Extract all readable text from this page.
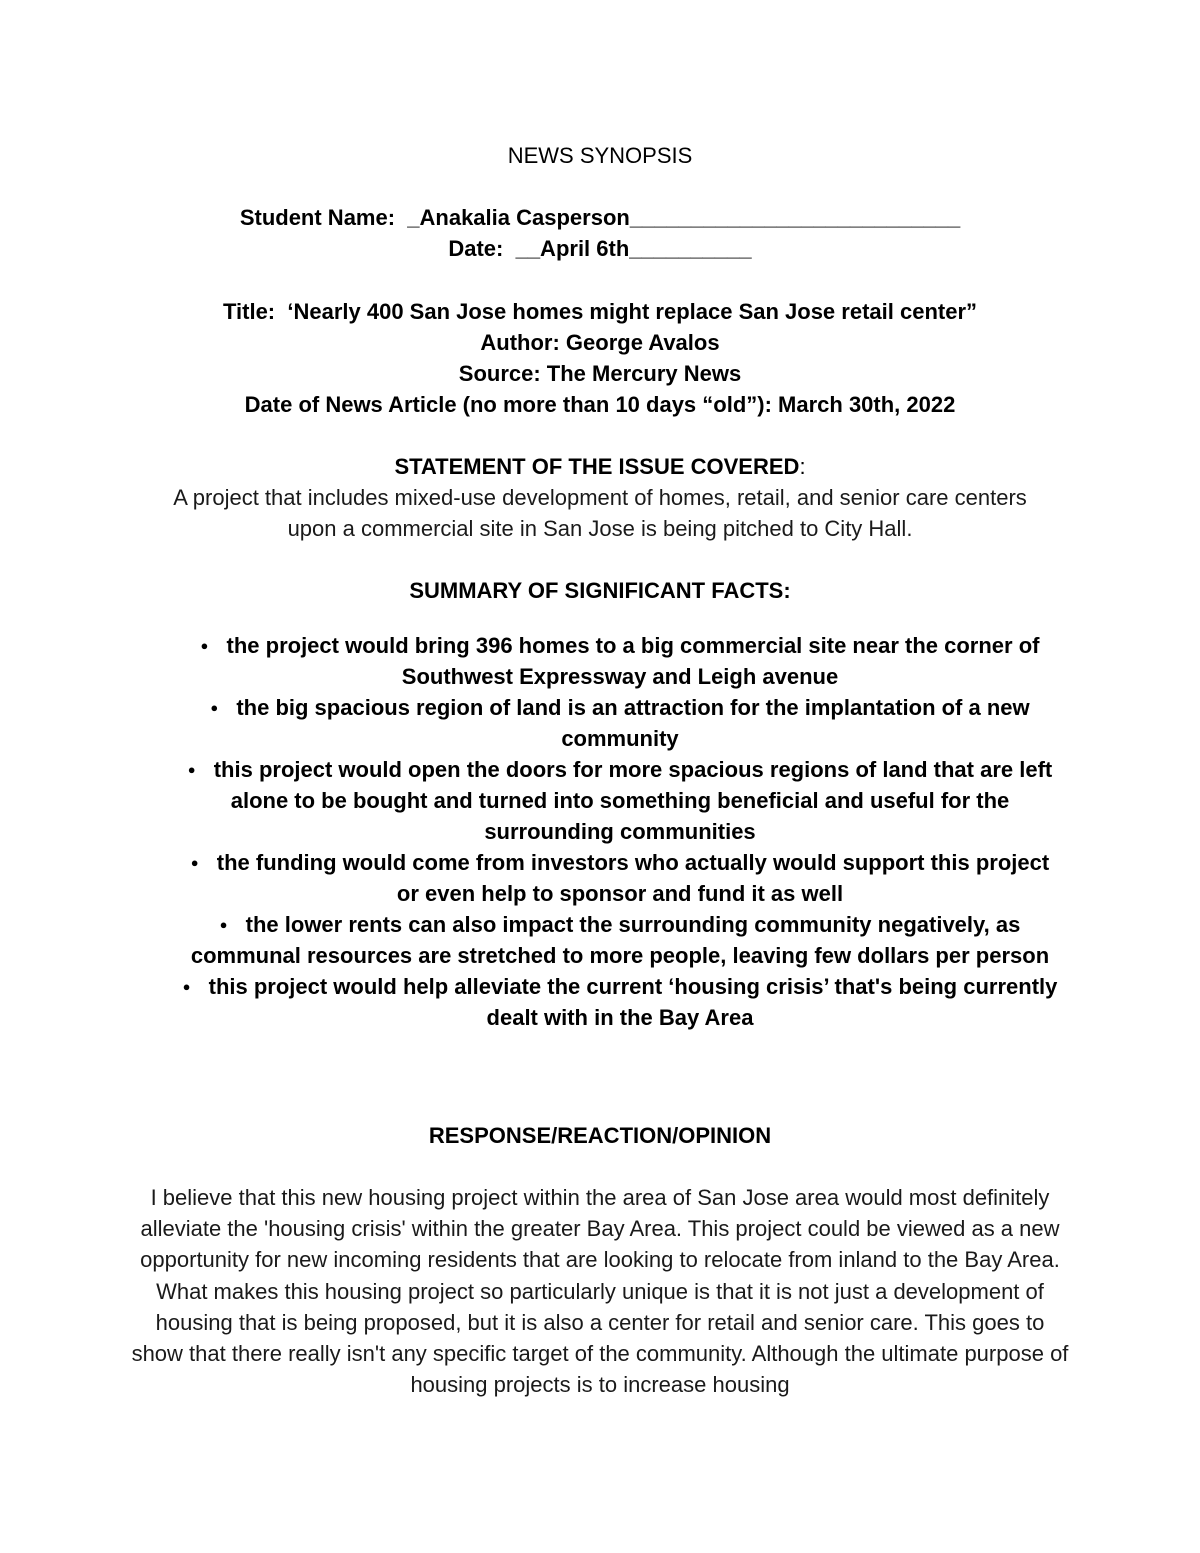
NEWS SYNOPSIS
Student Name:  _Anakalia Casperson___________________________
Date:  __April 6th__________
Title:  ‘Nearly 400 San Jose homes might replace San Jose retail center”
Author: George Avalos
Source: The Mercury News
Date of News Article (no more than 10 days “old”): March 30th, 2022
STATEMENT OF THE ISSUE COVERED:
A project that includes mixed-use development of homes, retail, and senior care centers
upon a commercial site in San Jose is being pitched to City Hall.
SUMMARY OF SIGNIFICANT FACTS:
● the project would bring 396 homes to a big commercial site near the corner of Southwest Expressway and Leigh avenue
● the big spacious region of land is an attraction for the implantation of a new community
● this project would open the doors for more spacious regions of land that are left alone to be bought and turned into something beneficial and useful for the surrounding communities
● the funding would come from investors who actually would support this project or even help to sponsor and fund it as well
● the lower rents can also impact the surrounding community negatively, as communal resources are stretched to more people, leaving few dollars per person
● this project would help alleviate the current ‘housing crisis’ that's being currently dealt with in the Bay Area
RESPONSE/REACTION/OPINION

I believe that this new housing project within the area of San Jose area would most definitely alleviate the 'housing crisis' within the greater Bay Area. This project could be viewed as a new opportunity for new incoming residents that are looking to relocate from inland to the Bay Area. What makes this housing project so particularly unique is that it is not just a development of housing that is being proposed, but it is also a center for retail and senior care. This goes to show that there really isn't any specific target of the community. Although the ultimate purpose of housing projects is to increase housing
